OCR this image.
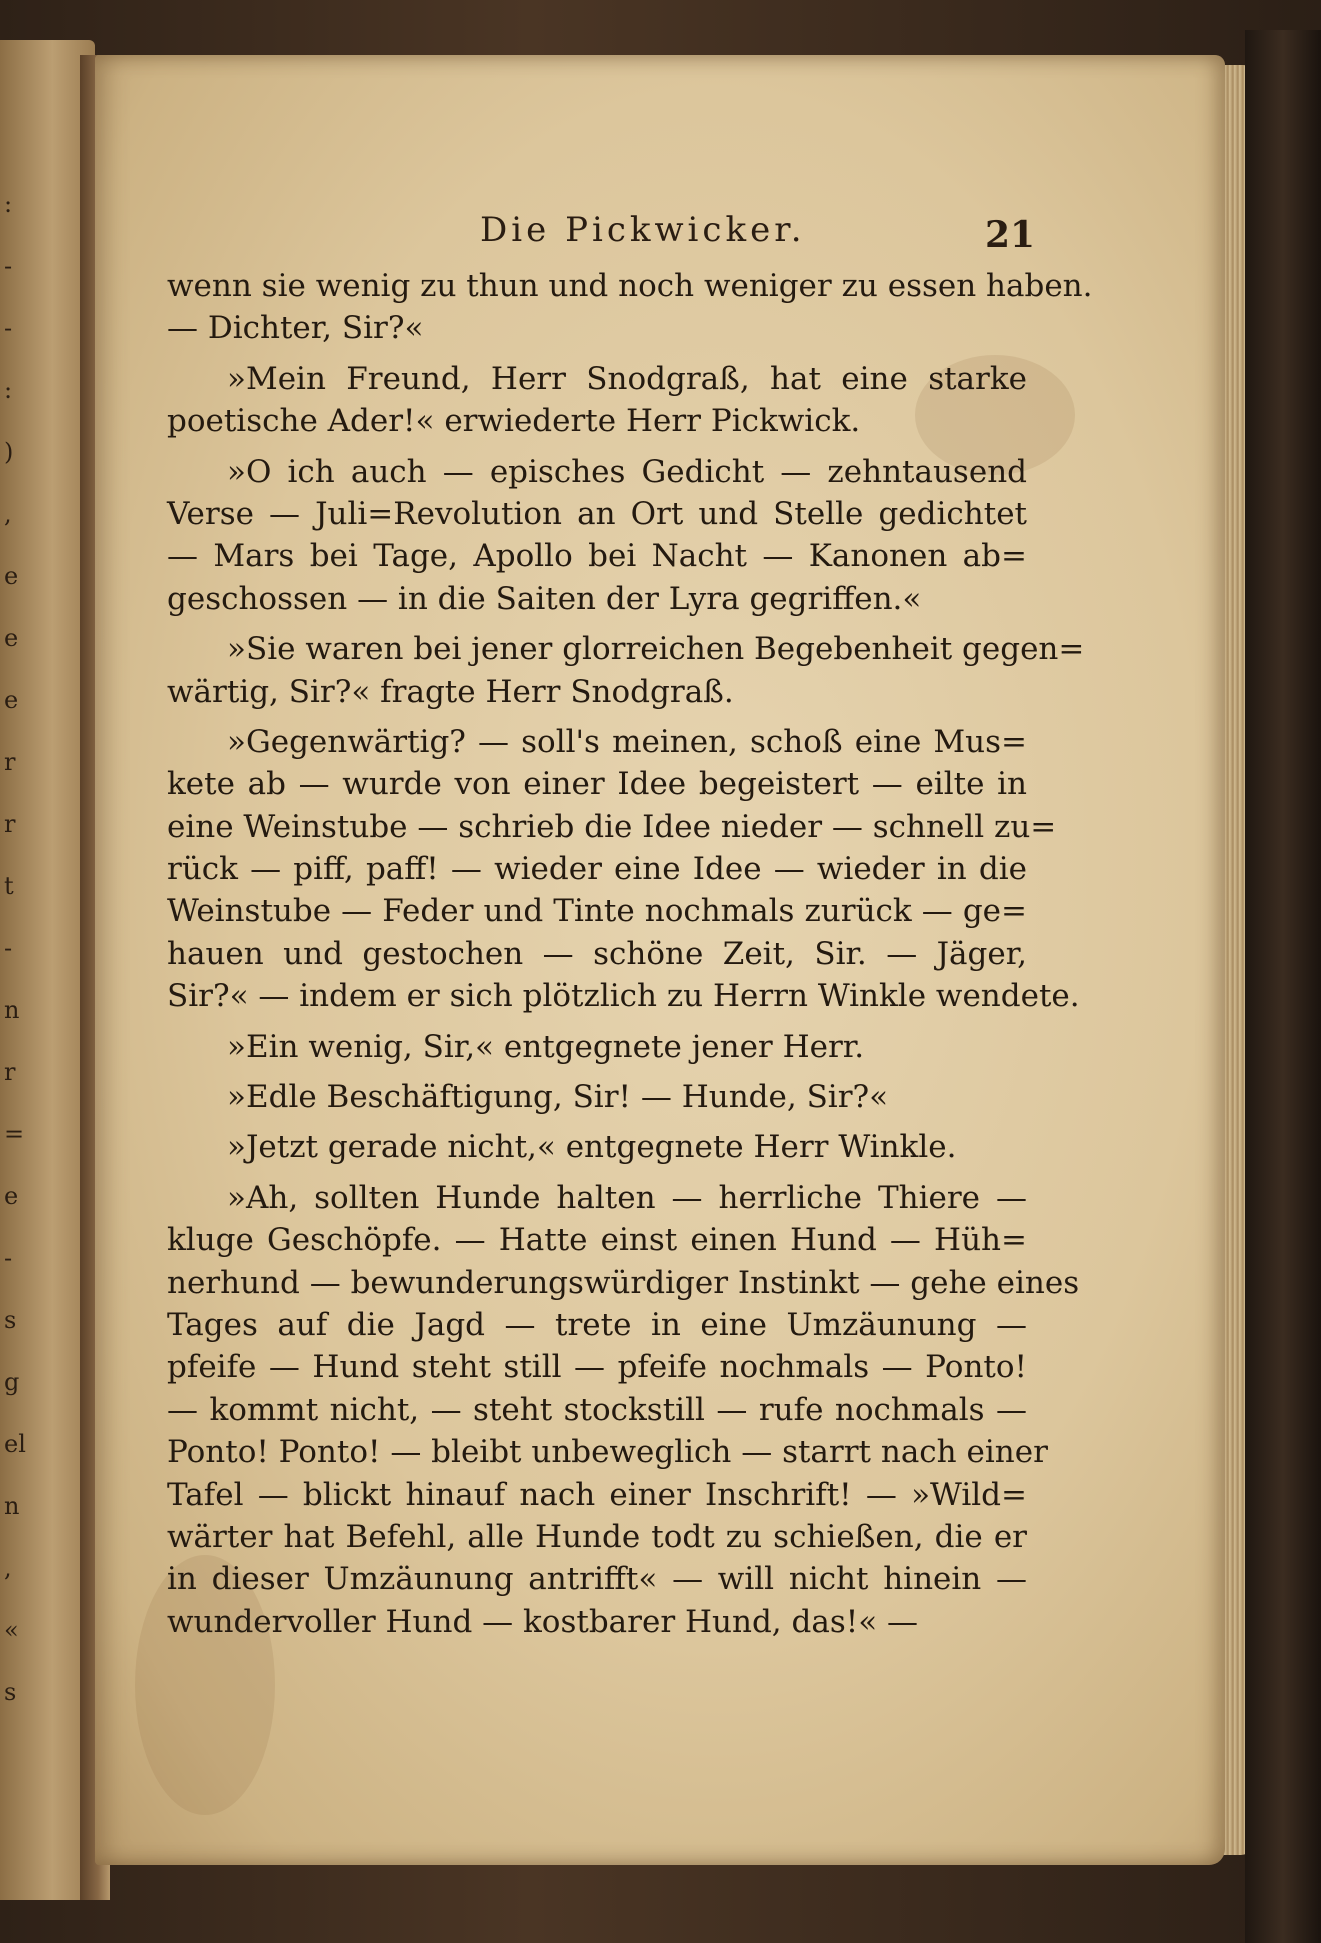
:
-
-
:
)
,
e
e
e
r
r
t
-
n
r
=
e
-
s
g
el
n
,
«
s
Die Pickwicker.	21
wenn sie wenig zu thun und noch weniger zu essen haben.
— Dichter, Sir?«
»Mein Freund, Herr Snodgraß, hat eine starke
poetische Ader!« erwiederte Herr Pickwick.
»O ich auch — episches Gedicht — zehntausend
Verse — Juli=Revolution an Ort und Stelle gedichtet
— Mars bei Tage, Apollo bei Nacht — Kanonen ab=
geschossen — in die Saiten der Lyra gegriffen.«
»Sie waren bei jener glorreichen Begebenheit gegen=
wärtig, Sir?« fragte Herr Snodgraß.
»Gegenwärtig? — soll's meinen, schoß eine Mus=
kete ab — wurde von einer Idee begeistert — eilte in
eine Weinstube — schrieb die Idee nieder — schnell zu=
rück — piff, paff! — wieder eine Idee — wieder in die
Weinstube — Feder und Tinte nochmals zurück — ge=
hauen und gestochen — schöne Zeit, Sir. — Jäger,
Sir?« — indem er sich plötzlich zu Herrn Winkle wendete.
»Ein wenig, Sir,« entgegnete jener Herr.
»Edle Beschäftigung, Sir! — Hunde, Sir?«
»Jetzt gerade nicht,« entgegnete Herr Winkle.
»Ah, sollten Hunde halten — herrliche Thiere —
kluge Geschöpfe. — Hatte einst einen Hund — Hüh=
nerhund — bewunderungswürdiger Instinkt — gehe eines
Tages auf die Jagd — trete in eine Umzäunung —
pfeife — Hund steht still — pfeife nochmals — Ponto!
— kommt nicht, — steht stockstill — rufe nochmals —
Ponto! Ponto! — bleibt unbeweglich — starrt nach einer
Tafel — blickt hinauf nach einer Inschrift! — »Wild=
wärter hat Befehl, alle Hunde todt zu schießen, die er
in dieser Umzäunung antrifft« — will nicht hinein —
wundervoller Hund — kostbarer Hund, das!« —
